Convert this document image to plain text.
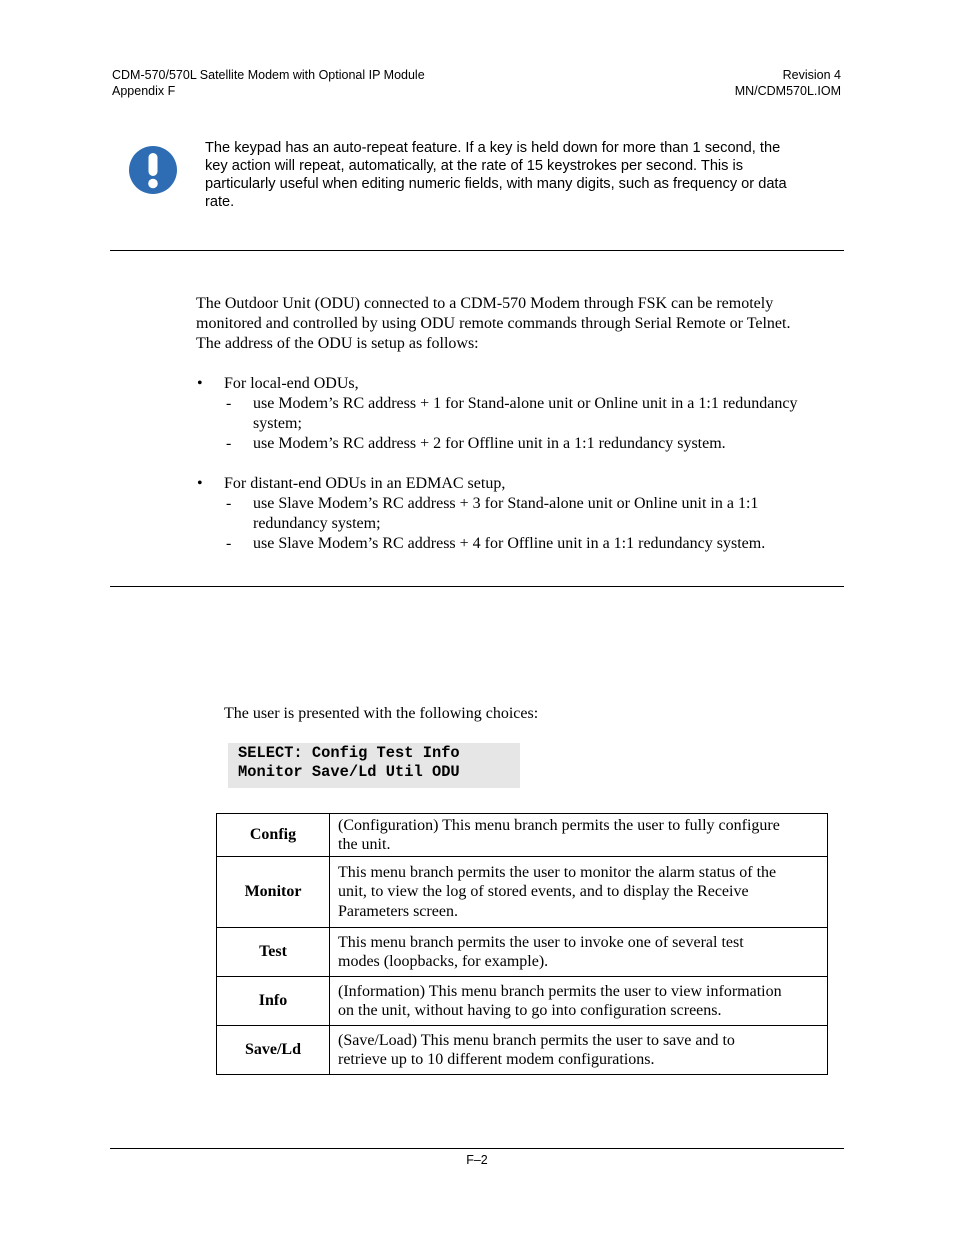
CDM-570/570L Satellite Modem with Optional IP Module
Appendix F
Revision 4
MN/CDM570L.IOM
The keypad has an auto-repeat feature. If a key is held down for more than 1 second, the
key action will repeat, automatically, at the rate of 15 keystrokes per second. This is
particularly useful when editing numeric fields, with many digits, such as frequency or data
rate.
The Outdoor Unit (ODU) connected to a CDM-570 Modem through FSK can be remotely
monitored and controlled by using ODU remote commands through Serial Remote or Telnet.
The address of the ODU is setup as follows:
• For local-end ODUs,
- use Modem’s RC address + 1 for Stand-alone unit or Online unit in a 1:1 redundancy
system;
- use Modem’s RC address + 2 for Offline unit in a 1:1 redundancy system.
• For distant-end ODUs in an EDMAC setup,
- use Slave Modem’s RC address + 3 for Stand-alone unit or Online unit in a 1:1
redundancy system;
- use Slave Modem’s RC address + 4 for Offline unit in a 1:1 redundancy system.
The user is presented with the following choices:
SELECT: Config Test Info
Monitor Save/Ld Util ODU
Config	(Configuration) This menu branch permits the user to fully configure
the unit.

Monitor	This menu branch permits the user to monitor the alarm status of the
unit, to view the log of stored events, and to display the Receive
Parameters screen.

Test	This menu branch permits the user to invoke one of several test
modes (loopbacks, for example).

Info	(Information) This menu branch permits the user to view information
on the unit, without having to go into configuration screens.

Save/Ld	(Save/Load) This menu branch permits the user to save and to
retrieve up to 10 different modem configurations.
F–2
